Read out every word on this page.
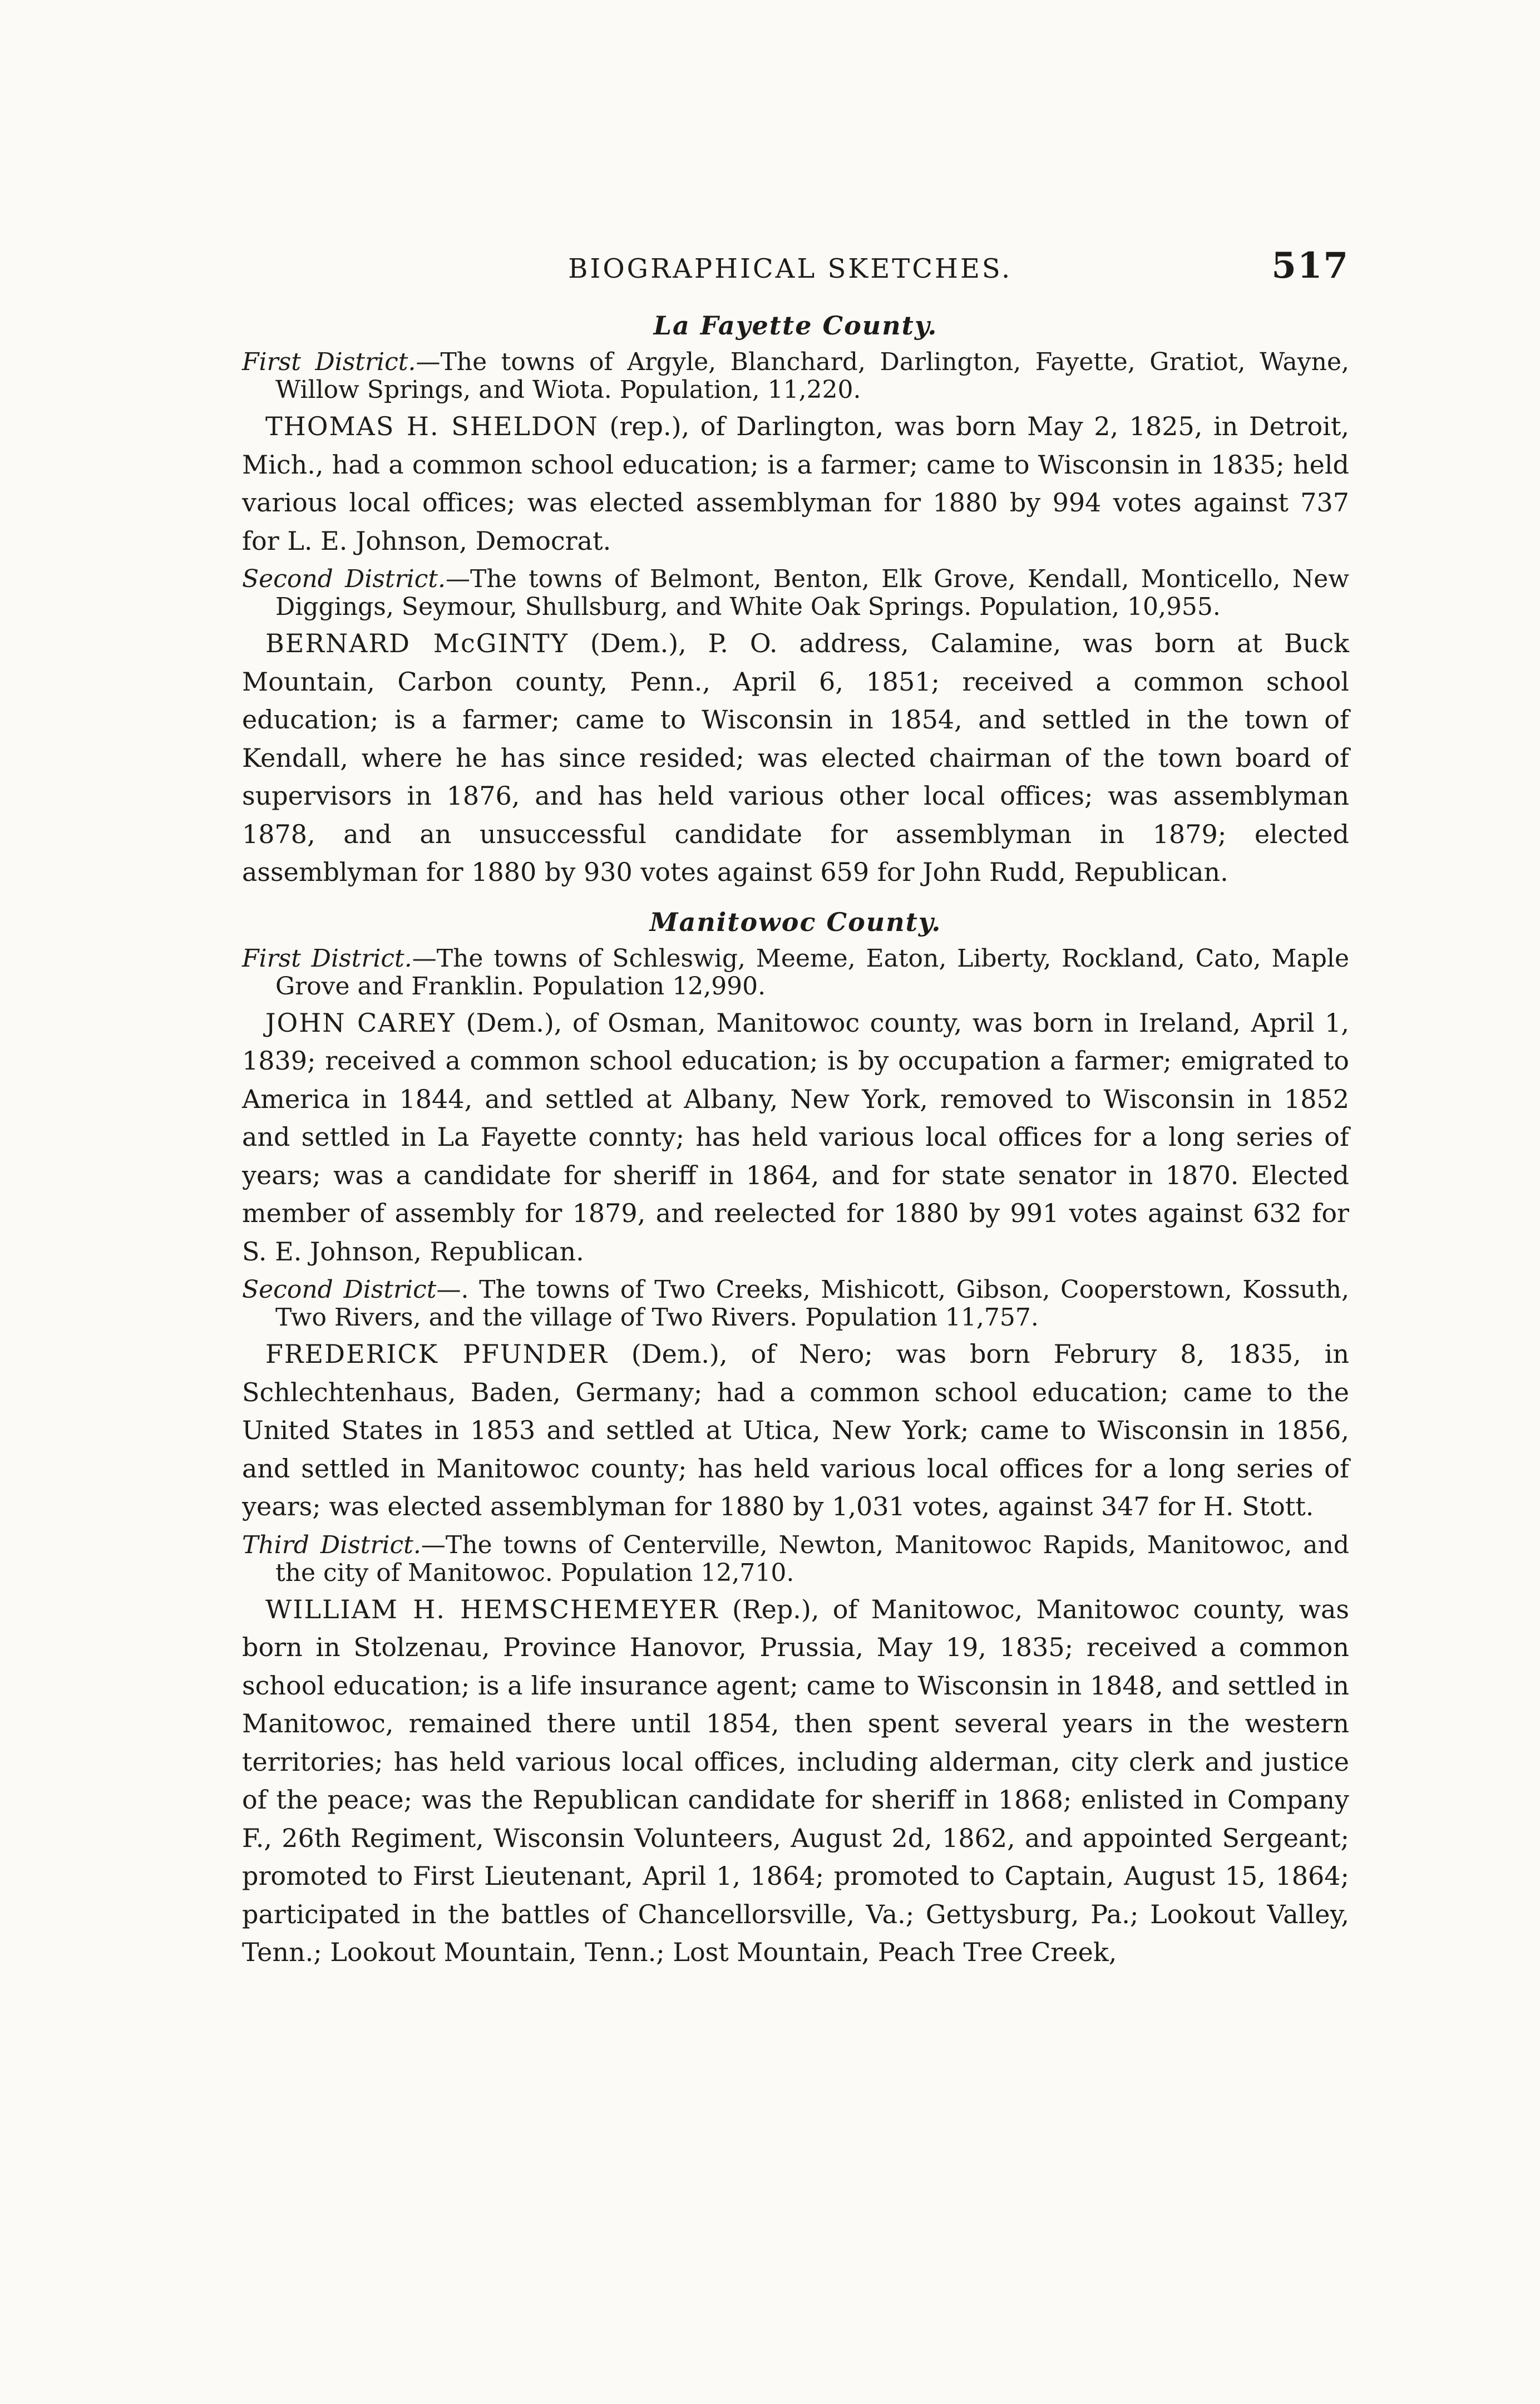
BIOGRAPHICAL SKETCHES.	517
La Fayette County.

First District.—The towns of Argyle, Blanchard, Darlington, Fayette, Gratiot, Wayne, Willow Springs, and Wiota. Population, 11,220.

THOMAS H. SHELDON (rep.), of Darlington, was born May 2, 1825, in Detroit, Mich., had a common school education; is a farmer; came to Wisconsin in 1835; held various local offices; was elected assemblyman for 1880 by 994 votes against 737 for L. E. Johnson, Democrat.

Second District.—The towns of Belmont, Benton, Elk Grove, Kendall, Monticello, New Diggings, Seymour, Shullsburg, and White Oak Springs. Population, 10,955.

BERNARD McGINTY (Dem.), P. O. address, Calamine, was born at Buck Mountain, Carbon county, Penn., April 6, 1851; received a common school education; is a farmer; came to Wisconsin in 1854, and settled in the town of Kendall, where he has since resided; was elected chairman of the town board of supervisors in 1876, and has held various other local offices; was assemblyman 1878, and an unsuccessful candidate for assemblyman in 1879; elected assemblyman for 1880 by 930 votes against 659 for John Rudd, Republican.

Manitowoc County.

First District.—The towns of Schleswig, Meeme, Eaton, Liberty, Rockland, Cato, Maple Grove and Franklin. Population 12,990.

JOHN CAREY (Dem.), of Osman, Manitowoc county, was born in Ireland, April 1, 1839; received a common school education; is by occupation a farmer; emigrated to America in 1844, and settled at Albany, New York, removed to Wisconsin in 1852 and settled in La Fayette connty; has held various local offices for a long series of years; was a candidate for sheriff in 1864, and for state senator in 1870. Elected member of assembly for 1879, and reelected for 1880 by 991 votes against 632 for S. E. Johnson, Republican.

Second District—. The towns of Two Creeks, Mishicott, Gibson, Cooperstown, Kossuth, Two Rivers, and the village of Two Rivers. Population 11,757.

FREDERICK PFUNDER (Dem.), of Nero; was born Februry 8, 1835, in Schlechtenhaus, Baden, Germany; had a common school education; came to the United States in 1853 and settled at Utica, New York; came to Wisconsin in 1856, and settled in Manitowoc county; has held various local offices for a long series of years; was elected assemblyman for 1880 by 1,031 votes, against 347 for H. Stott.

Third District.—The towns of Centerville, Newton, Manitowoc Rapids, Manitowoc, and the city of Manitowoc. Population 12,710.

WILLIAM H. HEMSCHEMEYER (Rep.), of Manitowoc, Manitowoc county, was born in Stolzenau, Province Hanovor, Prussia, May 19, 1835; received a common school education; is a life insurance agent; came to Wisconsin in 1848, and settled in Manitowoc, remained there until 1854, then spent several years in the western territories; has held various local offices, including alderman, city clerk and justice of the peace; was the Republican candidate for sheriff in 1868; enlisted in Company F., 26th Regiment, Wisconsin Volunteers, August 2d, 1862, and appointed Sergeant; promoted to First Lieutenant, April 1, 1864; promoted to Captain, August 15, 1864; participated in the battles of Chancellorsville, Va.; Gettysburg, Pa.; Lookout Valley, Tenn.; Lookout Mountain, Tenn.; Lost Mountain, Peach Tree Creek,
